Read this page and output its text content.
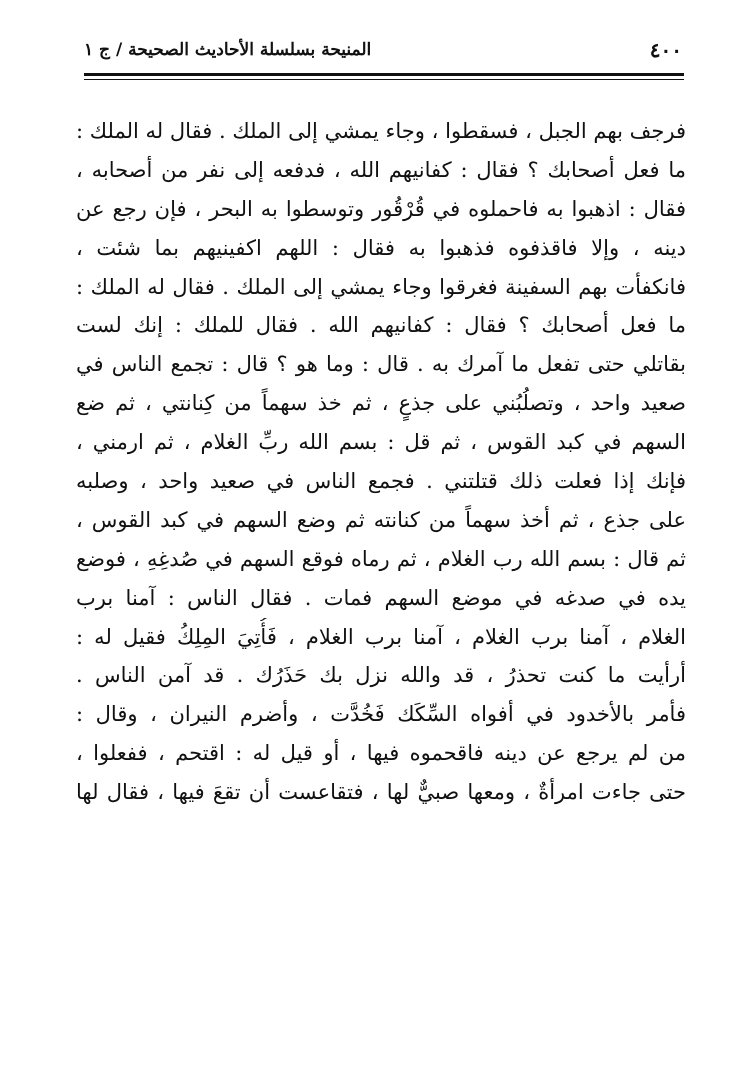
٤٠٠
المنيحة بسلسلة الأحاديث الصحيحة / ج ١
فرجف بهم الجبل ، فسقطوا ، وجاء يمشي إلى الملك . فقال له الملك :
ما فعل أصحابك ؟ فقال : كفانيهم الله ، فدفعه إلى نفر من أصحابه ،
فقال : اذهبوا به فاحملوه في قُرْقُور وتوسطوا به البحر ، فإن رجع عن
دينه ، وإلا فاقذفوه فذهبوا به فقال : اللهم اكفينيهم بما شئت ،
فانكفأت بهم السفينة فغرقوا وجاء يمشي إلى الملك . فقال له الملك :
ما فعل أصحابك ؟ فقال : كفانيهم الله . فقال للملك : إنك لست
بقاتلي حتى تفعل ما آمرك به . قال : وما هو ؟ قال : تجمع الناس في
صعيد واحد ، وتصلُبُني على جذعٍ ، ثم خذ سهماً من كِنانتي ، ثم ضع
السهم في كبد القوس ، ثم قل : بسم الله ربِّ الغلام ، ثم ارمني ،
فإنك إذا فعلت ذلك قتلتني . فجمع الناس في صعيد واحد ، وصلبه
على جذع ، ثم أخذ سهماً من كنانته ثم وضع السهم في كبد القوس ،
ثم قال : بسم الله رب الغلام ، ثم رماه فوقع السهم في صُدغِهِ ، فوضع
يده في صدغه في موضع السهم فمات . فقال الناس : آمنا برب
الغلام ، آمنا برب الغلام ، آمنا برب الغلام ، فَأُتِيَ المِلِكُ فقيل له :
أرأيت ما كنت تحذرُ ، قد والله نزل بك حَذَرُك . قد آمن الناس .
فأمر بالأخدود في أفواه السِّكَك فَخُدَّت ، وأضرم النيران ، وقال :
من لم يرجع عن دينه فاقحموه فيها ، أو قيل له : اقتحم ، ففعلوا ،
حتى جاءت امرأةٌ ، ومعها صبيٌّ لها ، فتقاعست أن تقعَ فيها ، فقال لها
